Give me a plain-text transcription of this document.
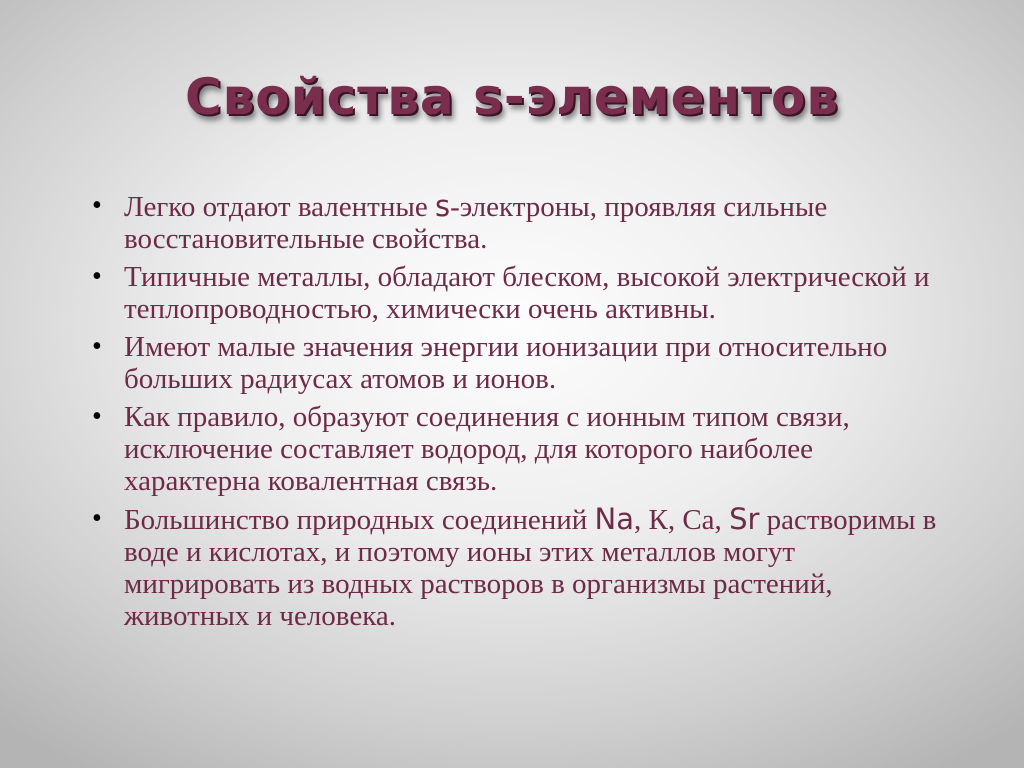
Свойства s-элементов
• Легко отдают валентные s-электроны, проявляя сильные восстановительные свойства.
• Типичные металлы, обладают блеском, высокой электрической и теплопроводностью, химически очень активны.
• Имеют малые значения энергии ионизации при относительно больших радиусах атомов и ионов.
• Как правило, образуют соединения с ионным типом связи, исключение составляет водород, для которого наиболее характерна ковалентная связь.
• Большинство природных соединений Na, К, Са, Sr растворимы в воде и кислотах, и поэтому ионы этих металлов могут мигрировать из водных растворов в организмы растений, животных и человека.
